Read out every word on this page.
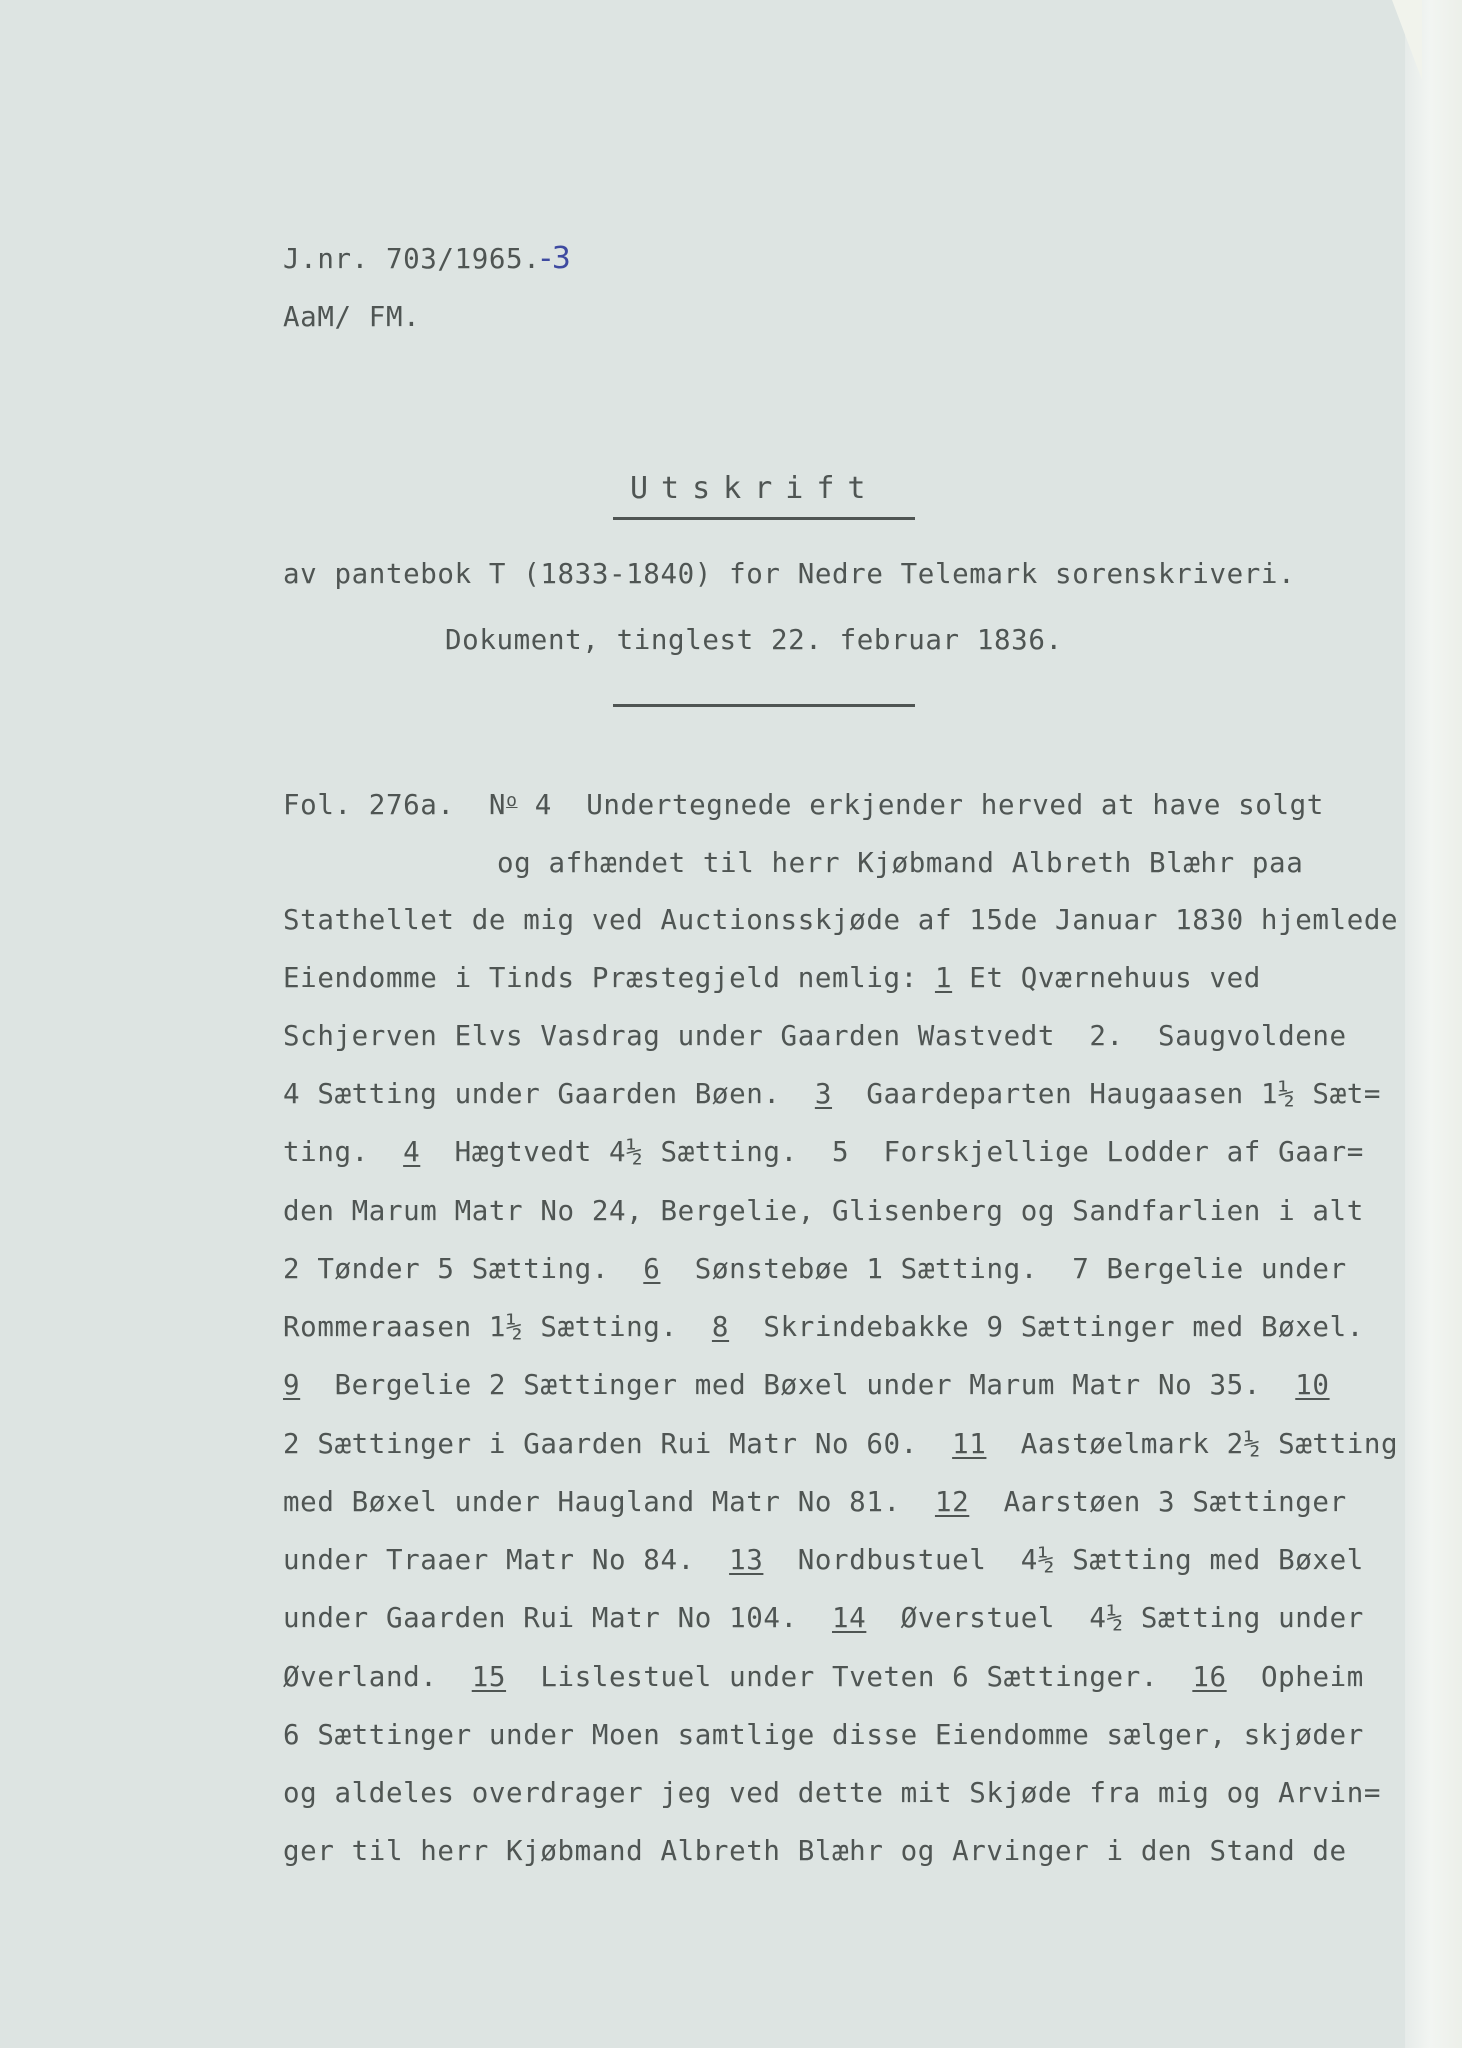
J.nr. 703/1965.-3
AaM/ FM.
Utskrift
av pantebok T (1833-1840) for Nedre Telemark sorenskriveri.
Dokument, tinglest 22. februar 1836.
Fol. 276a. $N^o$ 4 Undertegnede erkjender herved at have solgt
og afhændet til herr Kjøbmand Albreth Blæhr paa
Stathellet de mig ved Auctionsskjøde af 15de Januar 1830 hjemlede
Eiendomme i Tinds Præstegjeld nemlig: 1 Et Qværnehuus ved
Schjerven Elvs Vasdrag under Gaarden Wastvedt  2.  Saugvoldene
4 Sætting under Gaarden Bøen.  3  Gaardeparten Haugaasen 1½ Sæt=
ting.  4  Hægtvedt 4½ Sætting.  5  Forskjellige Lodder af Gaar=
den Marum Matr No 24, Bergelie, Glisenberg og Sandfarlien i alt
2 Tønder 5 Sætting.  6  Sønstebøe 1 Sætting.  7 Bergelie under
Rommeraasen 1½ Sætting.  8  Skrindebakke 9 Sættinger med Bøxel.
9  Bergelie 2 Sættinger med Bøxel under Marum Matr No 35.  10
2 Sættinger i Gaarden Rui Matr No 60.  11  Aastøelmark 2½ Sætting
med Bøxel under Haugland Matr No 81.  12  Aarstøen 3 Sættinger
under Traaer Matr No 84.  13  Nordbustuel  4½ Sætting med Bøxel
under Gaarden Rui Matr No 104.  14  Øverstuel  4½ Sætting under
Øverland.  15  Lislestuel under Tveten 6 Sættinger.  16  Opheim
6 Sættinger under Moen samtlige disse Eiendomme sælger, skjøder
og aldeles overdrager jeg ved dette mit Skjøde fra mig og Arvin=
ger til herr Kjøbmand Albreth Blæhr og Arvinger i den Stand de
